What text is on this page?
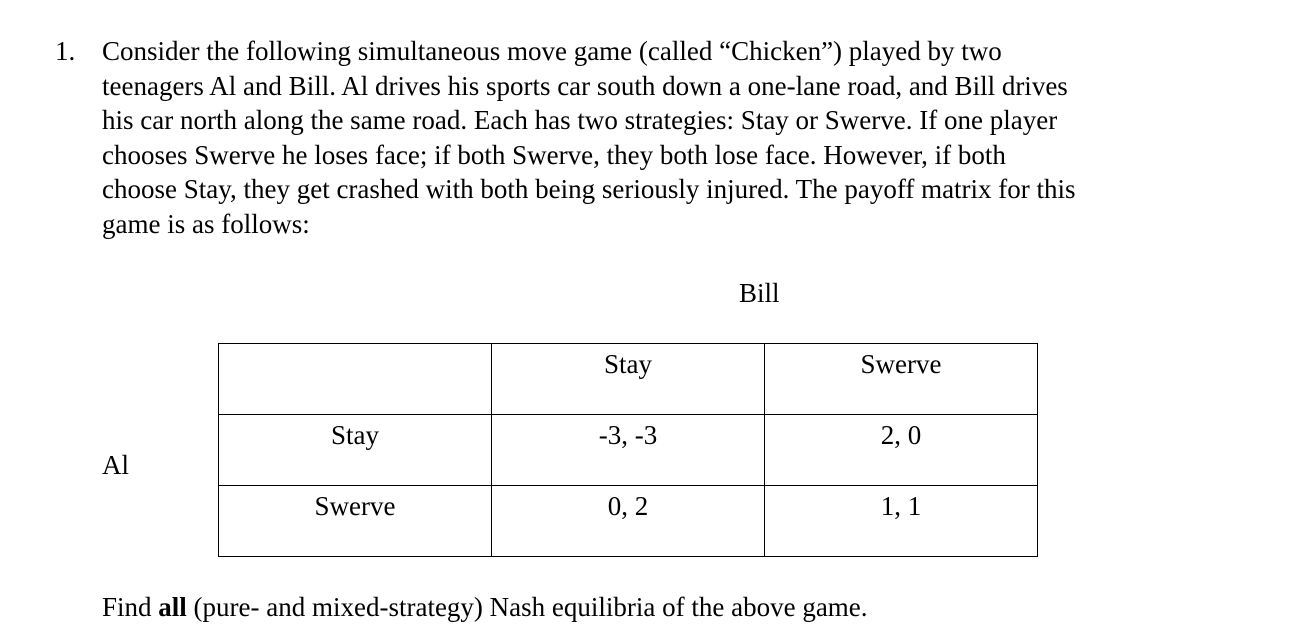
1. Consider the following simultaneous move game (called “Chicken”) played by two
teenagers Al and Bill. Al drives his sports car south down a one-lane road, and Bill drives
his car north along the same road. Each has two strategies: Stay or Swerve. If one player
chooses Swerve he loses face; if both Swerve, they both lose face. However, if both
choose Stay, they get crashed with both being seriously injured. The payoff matrix for this
game is as follows:
Bill
Al
	Stay	Swerve
Stay	-3, -3	2, 0
Swerve	0, 2	1, 1
Find all (pure- and mixed-strategy) Nash equilibria of the above game.
